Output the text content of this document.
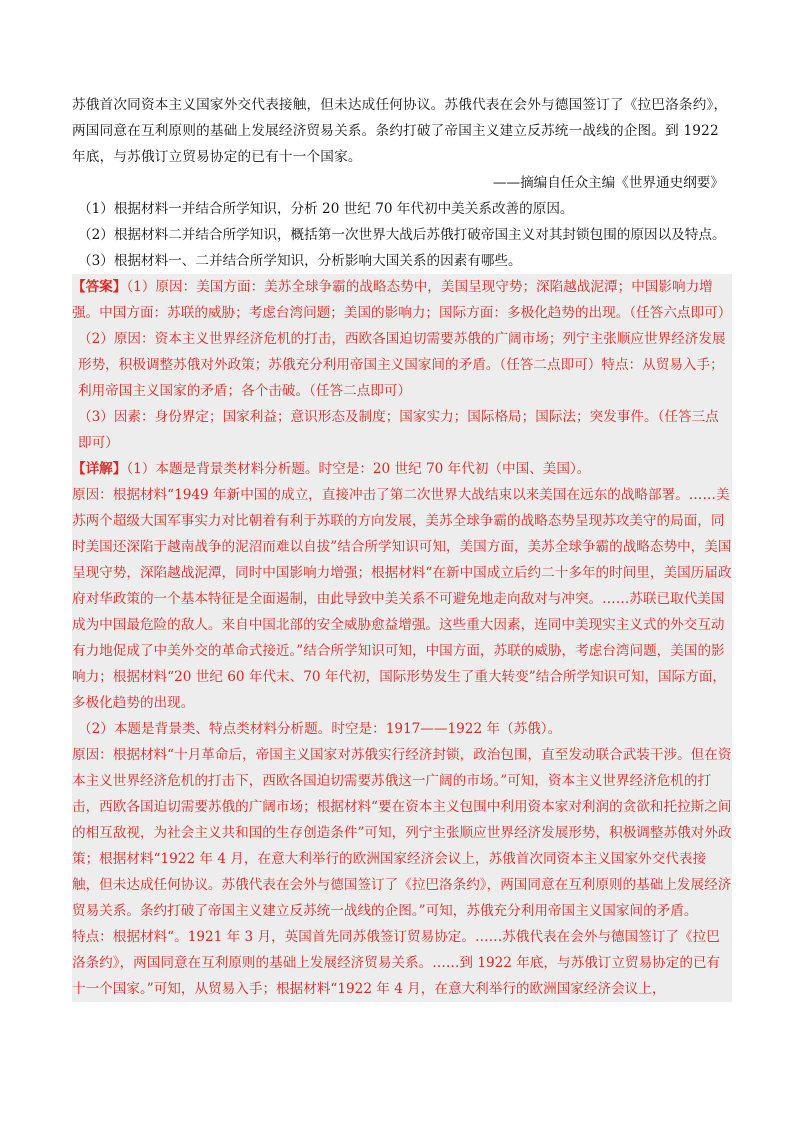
苏俄首次同资本主义国家外交代表接触，但未达成任何协议。苏俄代表在会外与德国签订了《拉巴洛条约》，两国同意在互利原则的基础上发展经济贸易关系。条约打破了帝国主义建立反苏统一战线的企图。到 1922 年底，与苏俄订立贸易协定的已有十一个国家。

——摘编自任众主编《世界通史纲要》

（1）根据材料一并结合所学知识，分析 20 世纪 70 年代初中美关系改善的原因。

（2）根据材料二并结合所学知识，概括第一次世界大战后苏俄打破帝国主义对其封锁包围的原因以及特点。

（3）根据材料一、二并结合所学知识，分析影响大国关系的因素有哪些。

【 答案 】 （1）原因：美国方面：美苏全球争霸的战略态势中，美国呈现守势；深陷越战泥潭；中国影响力增强。中国方面：苏联的威胁；考虑台湾问题；美国的影响力；国际方面：多极化趋势的出现。（任答六点即可）

（2）原因：资本主义世界经济危机的打击，西欧各国迫切需要苏俄的广阔市场；列宁主张顺应世界经济发展形势，积极调整苏俄对外政策；苏俄充分利用帝国主义国家间的矛盾。（任答二点即可）特点：从贸易入手；利用帝国主义国家的矛盾；各个击破。（任答二点即可）

（3）因素：身份界定；国家利益；意识形态及制度；国家实力；国际格局；国际法；突发事件。（任答三点即可）

【 详解 】 （1）本题是背景类材料分析题。时空是：20 世纪 70 年代初（中国、美国）。

原因：根据材料“1949 年新中国的成立，直接冲击了第二次世界大战结束以来美国在远东的战略部署。……美苏两个超级大国军事实力对比朝着有利于苏联的方向发展，美苏全球争霸的战略态势呈现苏攻美守的局面，同时美国还深陷于越南战争的泥沼而难以自拔”结合所学知识可知，美国方面，美苏全球争霸的战略态势中，美国呈现守势，深陷越战泥潭，同时中国影响力增强；根据材料“在新中国成立后约二十多年的时间里，美国历届政府对华政策的一个基本特征是全面遏制，由此导致中美关系不可避免地走向敌对与冲突。……苏联已取代美国成为中国最危险的敌人。来自中国北部的安全威胁愈益增强。这些重大因素，连同中美现实主义式的外交互动有力地促成了中美外交的革命式接近。”结合所学知识可知，中国方面，苏联的威胁，考虑台湾问题，美国的影响力；根据材料“20 世纪 60 年代末、70 年代初，国际形势发生了重大转变”结合所学知识可知，国际方面，多极化趋势的出现。

（2）本题是背景类、特点类材料分析题。时空是：1917——1922 年（苏俄）。

原因：根据材料“十月革命后，帝国主义国家对苏俄实行经济封锁，政治包围，直至发动联合武装干涉。但在资本主义世界经济危机的打击下，西欧各国迫切需要苏俄这一广阔的市场。”可知，资本主义世界经济危机的打击，西欧各国迫切需要苏俄的广阔市场；根据材料“要在资本主义包围中利用资本家对利润的贪欲和托拉斯之间的相互敌视，为社会主义共和国的生存创造条件”可知，列宁主张顺应世界经济发展形势，积极调整苏俄对外政策；根据材料“1922 年 4 月，在意大利举行的欧洲国家经济会议上，苏俄首次同资本主义国家外交代表接触，但未达成任何协议。苏俄代表在会外与德国签订了《拉巴洛条约》，两国同意在互利原则的基础上发展经济贸易关系。条约打破了帝国主义建立反苏统一战线的企图。”可知，苏俄充分利用帝国主义国家间的矛盾。

特点：根据材料“。1921 年 3 月，英国首先同苏俄签订贸易协定。……苏俄代表在会外与德国签订了《拉巴洛条约》，两国同意在互利原则的基础上发展经济贸易关系。……到 1922 年底，与苏俄订立贸易协定的已有十一个国家。”可知，从贸易入手；根据材料“1922 年 4 月，在意大利举行的欧洲国家经济会议上，
